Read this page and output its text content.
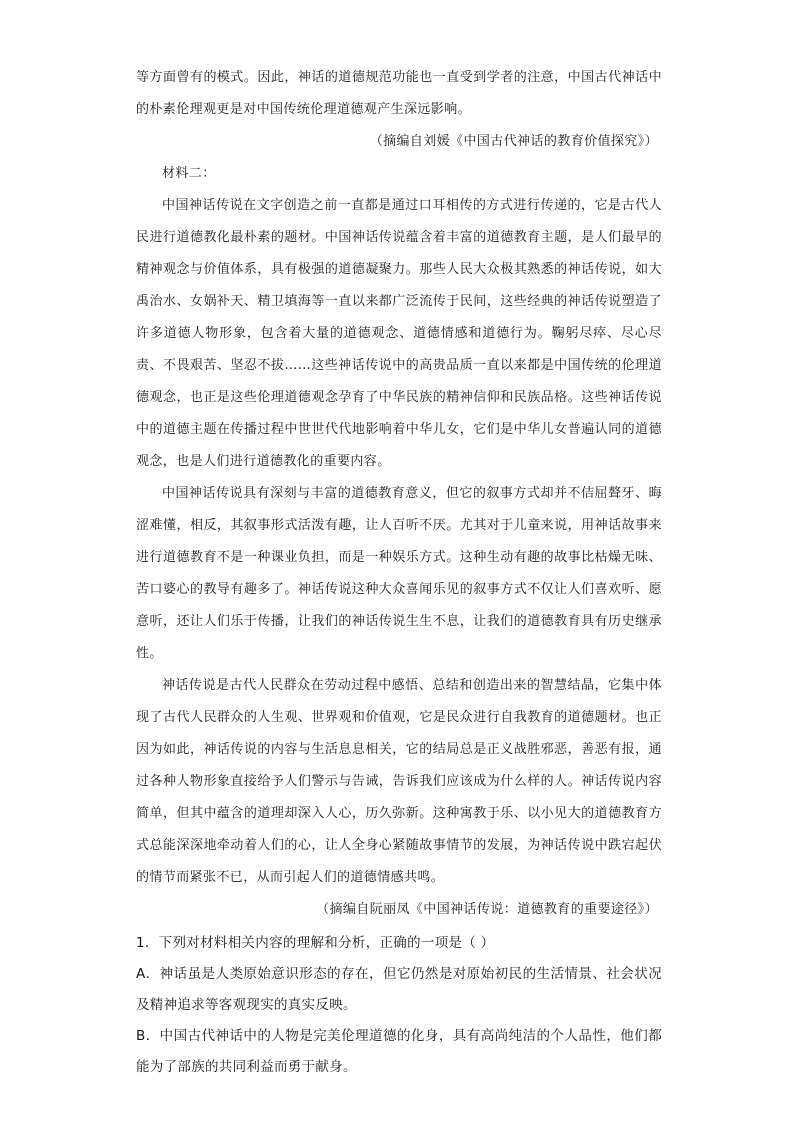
等方面曾有的模式。因此，神话的道德规范功能也一直受到学者的注意，中国古代神话中的朴素伦理观更是对中国传统伦理道德观产生深远影响。

（摘编自刘媛《中国古代神话的教育价值探究》）

材料二：

中国神话传说在文字创造之前一直都是通过口耳相传的方式进行传递的，它是古代人民进行道德教化最朴素的题材。中国神话传说蕴含着丰富的道德教育主题，是人们最早的精神观念与价值体系，具有极强的道德凝聚力。那些人民大众极其熟悉的神话传说，如大禹治水、女娲补天、精卫填海等一直以来都广泛流传于民间，这些经典的神话传说塑造了许多道德人物形象，包含着大量的道德观念、道德情感和道德行为。鞠躬尽瘁、尽心尽责、不畏艰苦、坚忍不拔……这些神话传说中的高贵品质一直以来都是中国传统的伦理道德观念，也正是这些伦理道德观念孕育了中华民族的精神信仰和民族品格。这些神话传说中的道德主题在传播过程中世世代代地影响着中华儿女，它们是中华儿女普遍认同的道德观念，也是人们进行道德教化的重要内容。

中国神话传说具有深刻与丰富的道德教育意义，但它的叙事方式却并不佶屈聱牙、晦涩难懂，相反，其叙事形式活泼有趣，让人百听不厌。尤其对于儿童来说，用神话故事来进行道德教育不是一种课业负担，而是一种娱乐方式。这种生动有趣的故事比枯燥无味、苦口婆心的教导有趣多了。神话传说这种大众喜闻乐见的叙事方式不仅让人们喜欢听、愿意听，还让人们乐于传播，让我们的神话传说生生不息，让我们的道德教育具有历史继承性。

神话传说是古代人民群众在劳动过程中感悟、总结和创造出来的智慧结晶，它集中体现了古代人民群众的人生观、世界观和价值观，它是民众进行自我教育的道德题材。也正因为如此，神话传说的内容与生活息息相关，它的结局总是正义战胜邪恶，善恶有报，通过各种人物形象直接给予人们警示与告诫，告诉我们应该成为什么样的人。神话传说内容简单，但其中蕴含的道理却深入人心，历久弥新。这种寓教于乐、以小见大的道德教育方式总能深深地牵动着人们的心，让人全身心紧随故事情节的发展，为神话传说中跌宕起伏的情节而紧张不已，从而引起人们的道德情感共鸣。

（摘编自阮丽凤《中国神话传说：道德教育的重要途径》）

1．下列对材料相关内容的理解和分析，正确的一项是（ ）

A．神话虽是人类原始意识形态的存在，但它仍然是对原始初民的生活情景、社会状况及精神追求等客观现实的真实反映。

B．中国古代神话中的人物是完美伦理道德的化身，具有高尚纯洁的个人品性，他们都能为了部族的共同利益而勇于献身。
